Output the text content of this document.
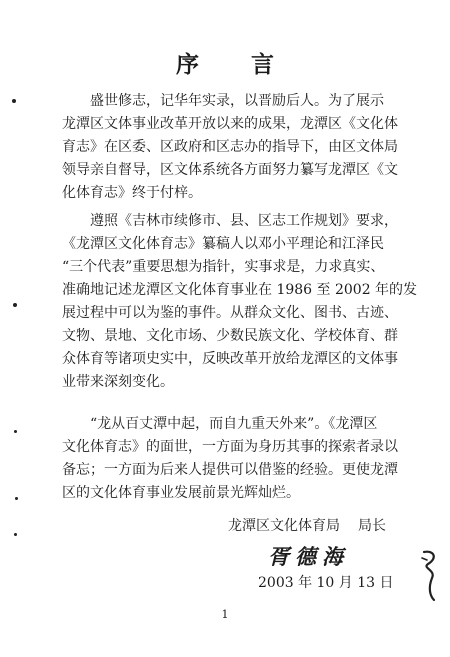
序 言

　　盛世修志，记华年实录，以晋励后人。为了展示
龙潭区文体事业改革开放以来的成果，龙潭区《文化体
育志》在区委、区政府和区志办的指导下，由区文体局
领导亲自督导，区文体系统各方面努力纂写龙潭区《文
化体育志》终于付梓。

　　遵照《吉林市续修市、县、区志工作规划》要求，
《龙潭区文化体育志》纂稿人以邓小平理论和江泽民
“三个代表”重要思想为指针，实事求是，力求真实、
准确地记述龙潭区文化体育事业在 1986 至 2002 年的发
展过程中可以为鉴的事件。从群众文化、图书、古迹、
文物、景地、文化市场、少数民族文化、学校体育、群
众体育等诸项史实中，反映改革开放给龙潭区的文体事
业带来深刻变化。

　　“龙从百丈潭中起，而自九重天外来”。《龙潭区
文化体育志》的面世，一方面为身历其事的探索者录以
备忘；一方面为后来人提供可以借鉴的经验。更使龙潭
区的文化体育事业发展前景光辉灿烂。

龙潭区文化体育局 局长
胥德海
2003 年 10 月 13 日
1
